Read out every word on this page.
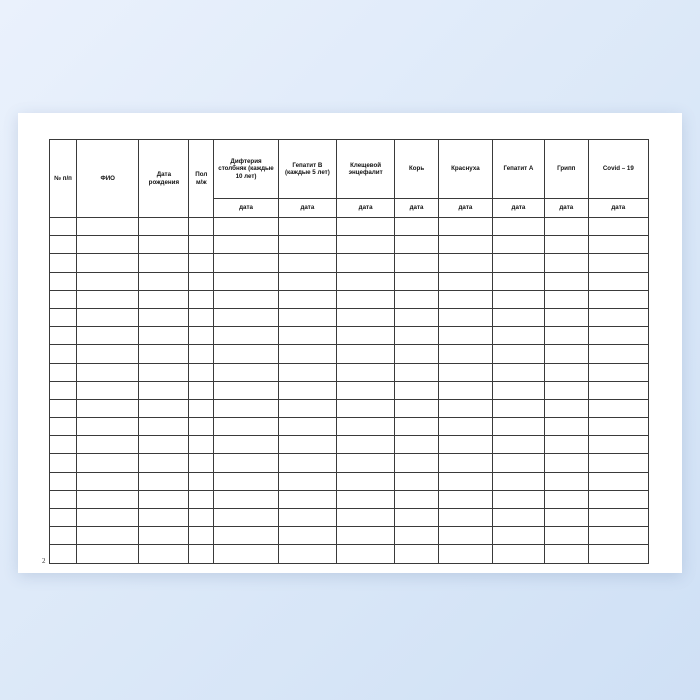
№ п/п	ФИО	Дата рождения	Пол м/ж	Дифтерия столбняк (каждые 10 лет)	Гепатит В (каждые 5 лет)	Клещевой энцефалит	Корь	Краснуха	Гепатит А	Грипп	Covid – 19

				дата	дата	дата	дата	дата	дата	дата	дата

2
